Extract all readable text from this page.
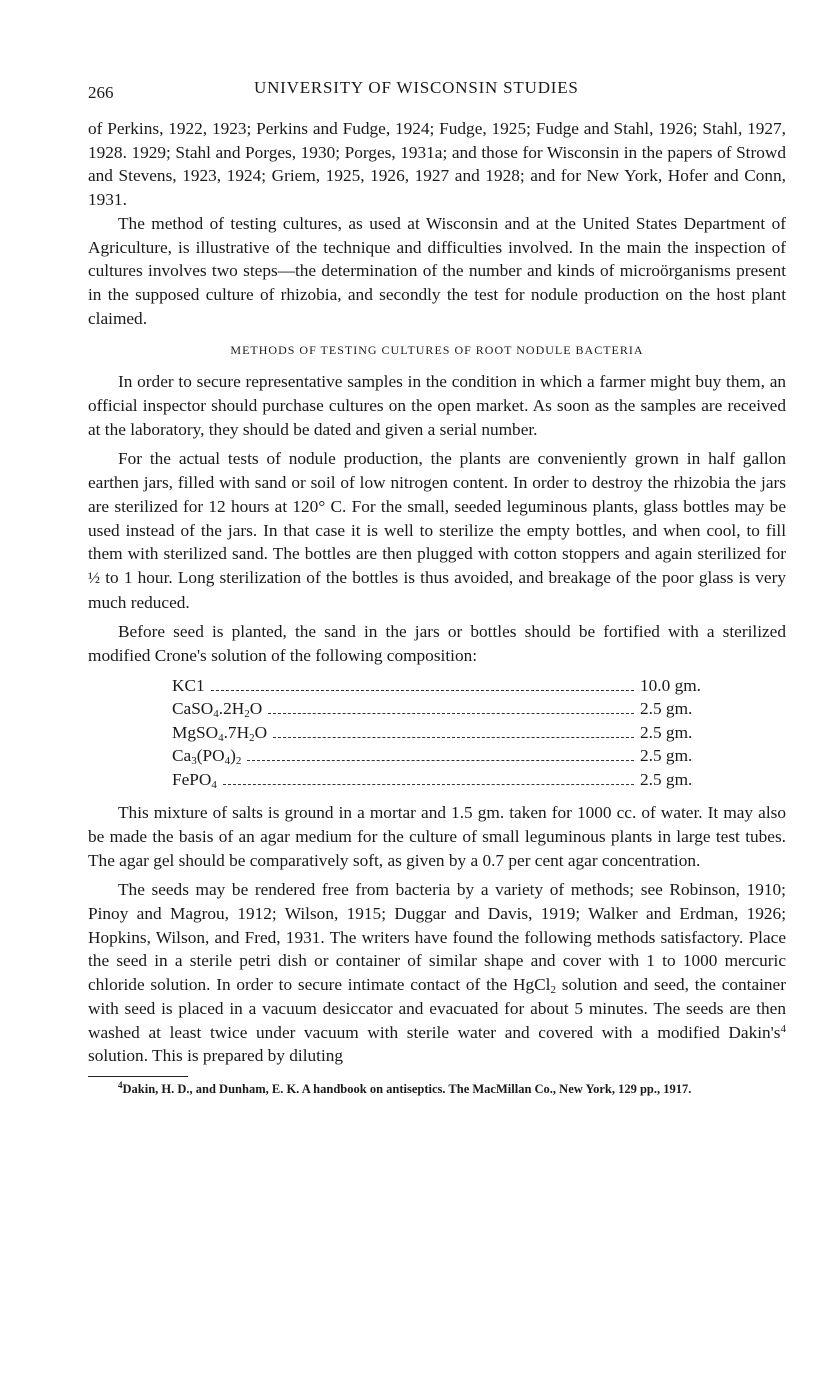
266	UNIVERSITY OF WISCONSIN STUDIES

of Perkins, 1922, 1923; Perkins and Fudge, 1924; Fudge, 1925; Fudge and Stahl, 1926; Stahl, 1927, 1928. 1929; Stahl and Porges, 1930; Porges, 1931a; and those for Wisconsin in the papers of Strowd and Stevens, 1923, 1924; Griem, 1925, 1926, 1927 and 1928; and for New York, Hofer and Conn, 1931.

The method of testing cultures, as used at Wisconsin and at the United States Department of Agriculture, is illustrative of the technique and difficulties involved. In the main the inspection of cultures involves two steps—the determination of the number and kinds of microörganisms present in the supposed culture of rhizobia, and secondly the test for nodule production on the host plant claimed.

METHODS OF TESTING CULTURES OF ROOT NODULE BACTERIA

In order to secure representative samples in the condition in which a farmer might buy them, an official inspector should purchase cultures on the open market. As soon as the samples are received at the laboratory, they should be dated and given a serial number.

For the actual tests of nodule production, the plants are conveniently grown in half gallon earthen jars, filled with sand or soil of low nitrogen content. In order to destroy the rhizobia the jars are sterilized for 12 hours at 120° C. For the small, seeded leguminous plants, glass bottles may be used instead of the jars. In that case it is well to sterilize the empty bottles, and when cool, to fill them with sterilized sand. The bottles are then plugged with cotton stoppers and again sterilized for ½ to 1 hour. Long sterilization of the bottles is thus avoided, and breakage of the poor glass is very much reduced.

Before seed is planted, the sand in the jars or bottles should be fortified with a sterilized modified Crone's solution of the following composition:

KC1	10.0 gm.
$CaSO_4.2H_2O$	2.5 gm.
$MgSO_4.7H_2O$	2.5 gm.
$Ca_3(PO_4)_2$	2.5 gm.
FePO$_4$	2.5 gm.

This mixture of salts is ground in a mortar and 1.5 gm. taken for 1000 cc. of water. It may also be made the basis of an agar medium for the culture of small leguminous plants in large test tubes. The agar gel should be comparatively soft, as given by a 0.7 per cent agar concentration.

The seeds may be rendered free from bacteria by a variety of methods; see Robinson, 1910; Pinoy and Magrou, 1912; Wilson, 1915; Duggar and Davis, 1919; Walker and Erdman, 1926; Hopkins, Wilson, and Fred, 1931. The writers have found the following methods satisfactory. Place the seed in a sterile petri dish or container of similar shape and cover with 1 to 1000 mercuric chloride solution. In order to secure intimate contact of the HgCl$_2$ solution and seed, the container with seed is placed in a vacuum desiccator and evacuated for about 5 minutes. The seeds are then washed at least twice under vacuum with sterile water and covered with a modified $Dakin's^4$ solution. This is prepared by diluting

$^4$Dakin, H. D., and Dunham, E. K. A handbook on antiseptics. The MacMillan Co., New York, 129 pp., 1917.
